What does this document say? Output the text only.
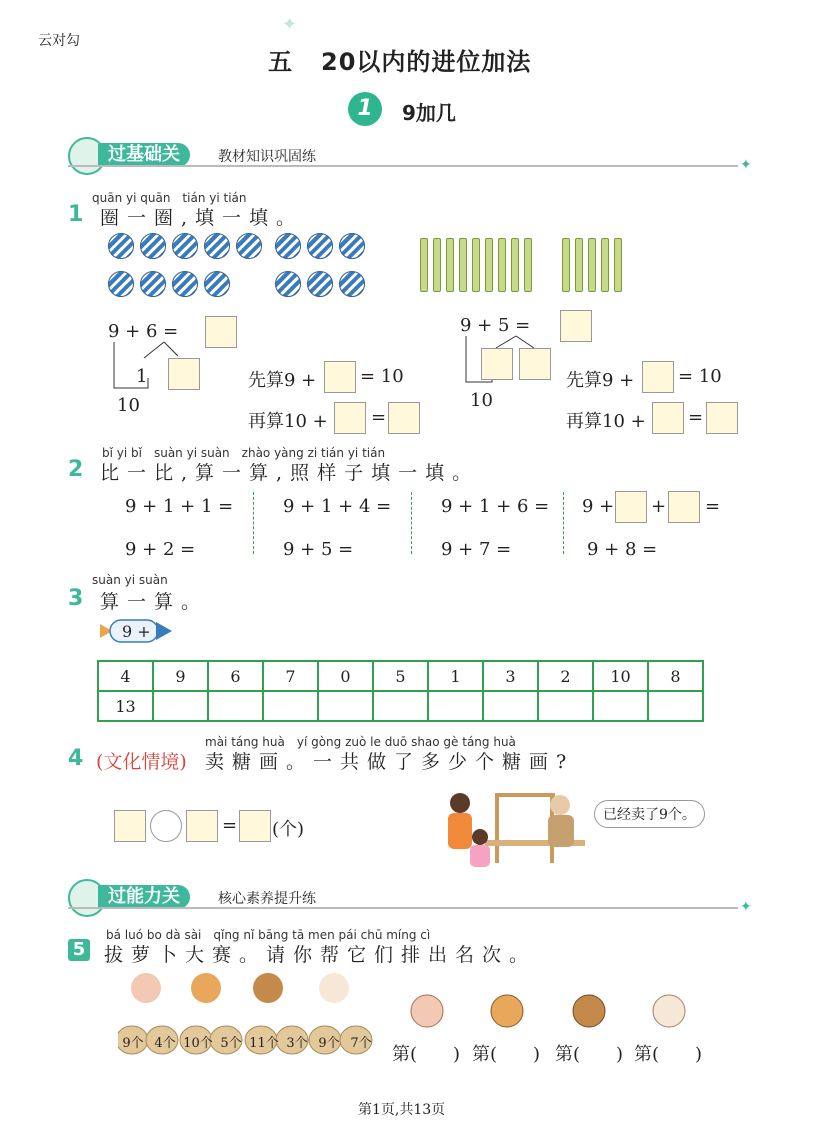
云对勾
✦
五 20以内的进位加法
1	9加几
过基础关	教材知识巩固练	✦
quān yi quān　tián yi tián
1 圈一圈,填一填。
9 + 6 =
1
10
先算9 + = 10
再算10 + =
9 + 5 =
10
先算9 + = 10
再算10 + =
bǐ yi bǐ　suàn yi suàn　zhào yàng zi tián yi tián
2 比一比,算一算,照样子填一填。
9 + 1 + 1 =	9 + 1 + 4 =	9 + 1 + 6 = 9 + + =
9 + 2 =	9 + 5 =	9 + 7 =	9 + 8 =
suàn yi suàn
3 算一算。
9 +
4	9	6	7	0	5	1	3	2	10	8
13										
mài táng huà　yí gòng zuò le duō shao gè táng huà
4 (文化情境) 卖糖画。一共做了多少个糖画?
= (个)
已经卖了9个。
过能力关	核心素养提升练	✦
bá luó bo dà sài　qǐng nǐ bāng tā men pái chū míng cì
5 拔萝卜大赛。请你帮它们排出名次。
9个 4个 10个 5个 11个 3个 9个 7个
第(　　) 第(　　) 第(　　) 第(　　)
第1页,共13页
